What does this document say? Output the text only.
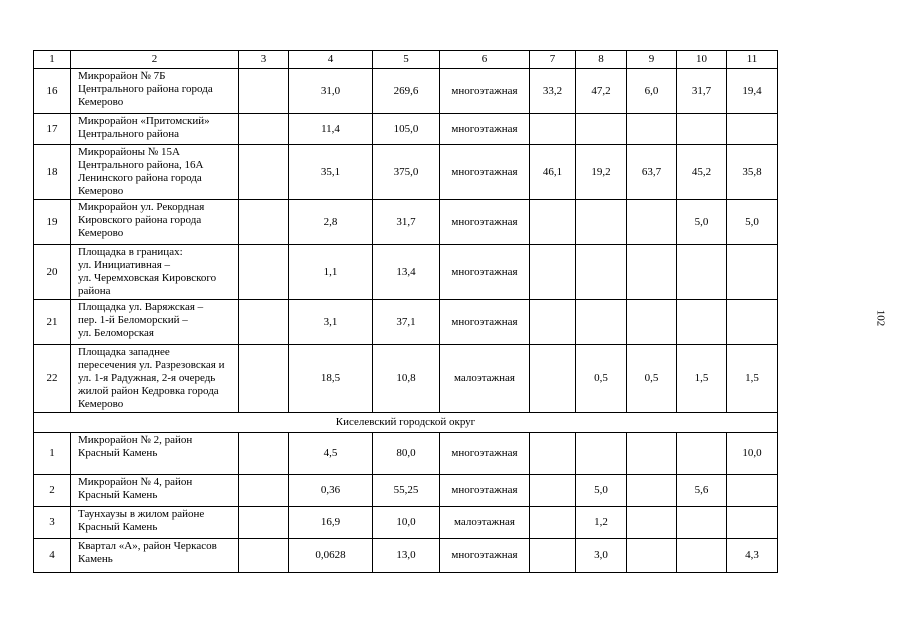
1	2	3	4	5	6	7	8	9	10	11
16	Микрорайон № 7Б
Центрального района города
Кемерово		31,0	269,6	многоэтажная	33,2	47,2	6,0	31,7	19,4
17	Микрорайон «Притомский»
Центрального района		11,4	105,0	многоэтажная					
18	Микрорайоны № 15А
Центрального района, 16А
Ленинского района города
Кемерово		35,1	375,0	многоэтажная	46,1	19,2	63,7	45,2	35,8
19	Микрорайон ул. Рекордная
Кировского района города
Кемерово		2,8	31,7	многоэтажная				5,0	5,0
20	Площадка в границах:
ул. Инициативная –
ул. Черемховская Кировского
района		1,1	13,4	многоэтажная					
21	Площадка ул. Варяжская –
пер. 1-й Беломорский –
ул. Беломорская		3,1	37,1	многоэтажная					
22	Площадка западнее
пересечения ул. Разрезовская и
ул. 1-я Радужная, 2-я очередь
жилой район Кедровка города
Кемерово		18,5	10,8	малоэтажная		0,5	0,5	1,5	1,5
Киселевский городской округ										
1	Микрорайон № 2, район
Красный Камень		4,5	80,0	многоэтажная					10,0
2	Микрорайон № 4, район
Красный Камень		0,36	55,25	многоэтажная		5,0		5,6	
3	Таунхаузы в жилом районе
Красный Камень		16,9	10,0	малоэтажная		1,2			
4	Квартал «А», район Черкасов
Камень		0,0628	13,0	многоэтажная		3,0			4,3
102
